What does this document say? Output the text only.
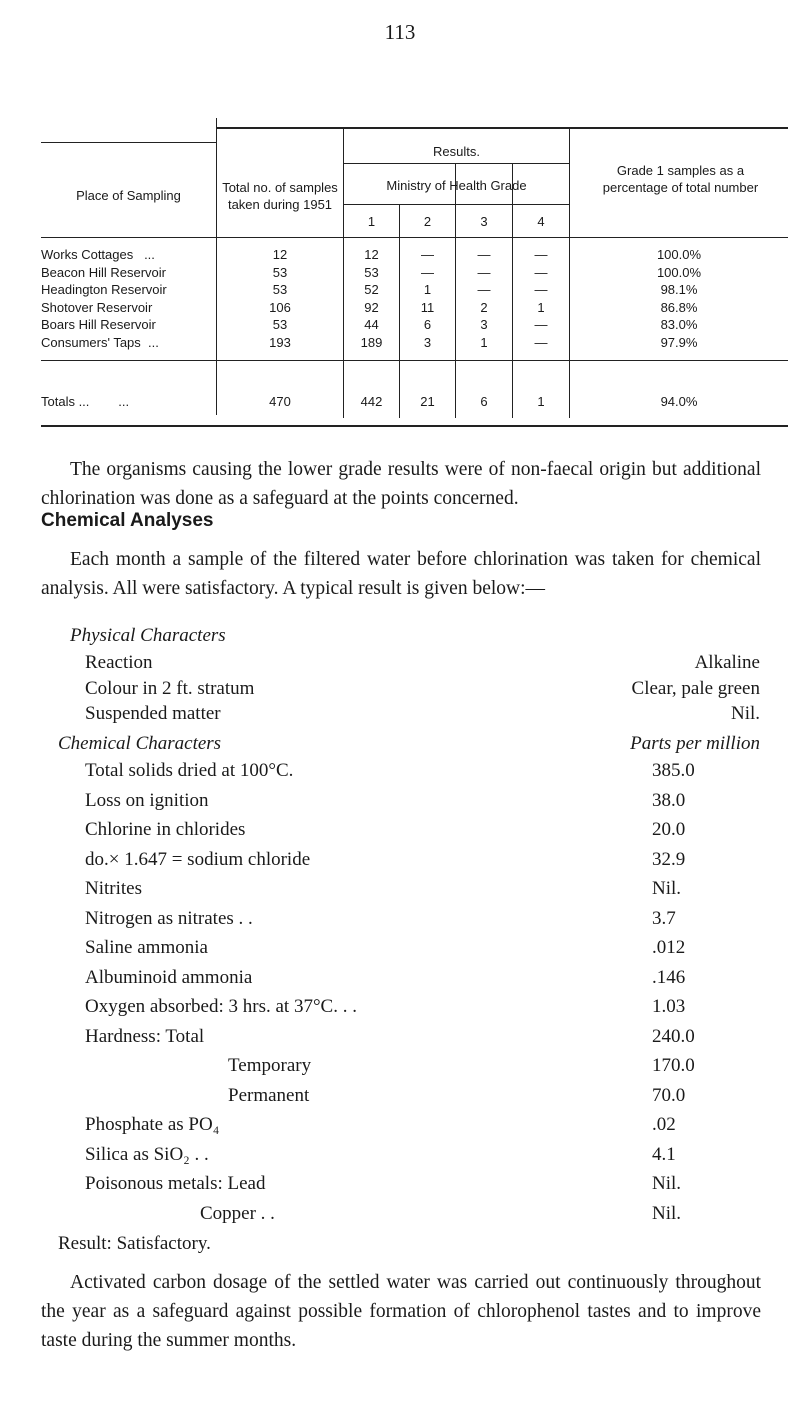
113
Place of Sampling
Total no. of samples taken during 1951
Results.
Ministry of Health Grade
Grade 1 samples as a percentage of total number
1	2	3	4
Works Cottages   ...	12	12	—	—	—	100.0%
Beacon Hill Reservoir	53	53	—	—	—	100.0%
Headington Reservoir	53	52	1	—	—	98.1%
Shotover Reservoir	106	92	11	2	1	86.8%
Boars Hill Reservoir	53	44	6	3	—	83.0%
Consumers' Taps  ...	193	189	3	1	—	97.9%
Totals ...        ...	470	442	21	6	1	94.0%

The organisms causing the lower grade results were of non-faecal origin but additional chlorination was done as a safeguard at the points concerned.

Chemical Analyses

Each month a sample of the filtered water before chlorination was taken for chemical analysis. All were satisfactory. A typical result is given below:—

Physical Characters
Reaction	Alkaline
Colour in 2 ft. stratum	Clear, pale green
Suspended matter	Nil.
Chemical Characters	Parts per million
Total solids dried at 100°C.	385.0
Loss on ignition	38.0
Chlorine in chlorides	20.0
do.× 1.647 = sodium chloride	32.9
Nitrites	Nil.
Nitrogen as nitrates . .	3.7
Saline ammonia	.012
Albuminoid ammonia	.146
Oxygen absorbed: 3 hrs. at 37°C. . .	1.03
Hardness: Total	240.0
Temporary	170.0
Permanent	70.0
Phosphate as PO₄	.02
Silica as SiO₂ . .	4.1
Poisonous metals: Lead	Nil.
Copper . .	Nil.
Result: Satisfactory.

Activated carbon dosage of the settled water was carried out continuously throughout the year as a safeguard against possible formation of chlorophenol tastes and to improve taste during the summer months.
